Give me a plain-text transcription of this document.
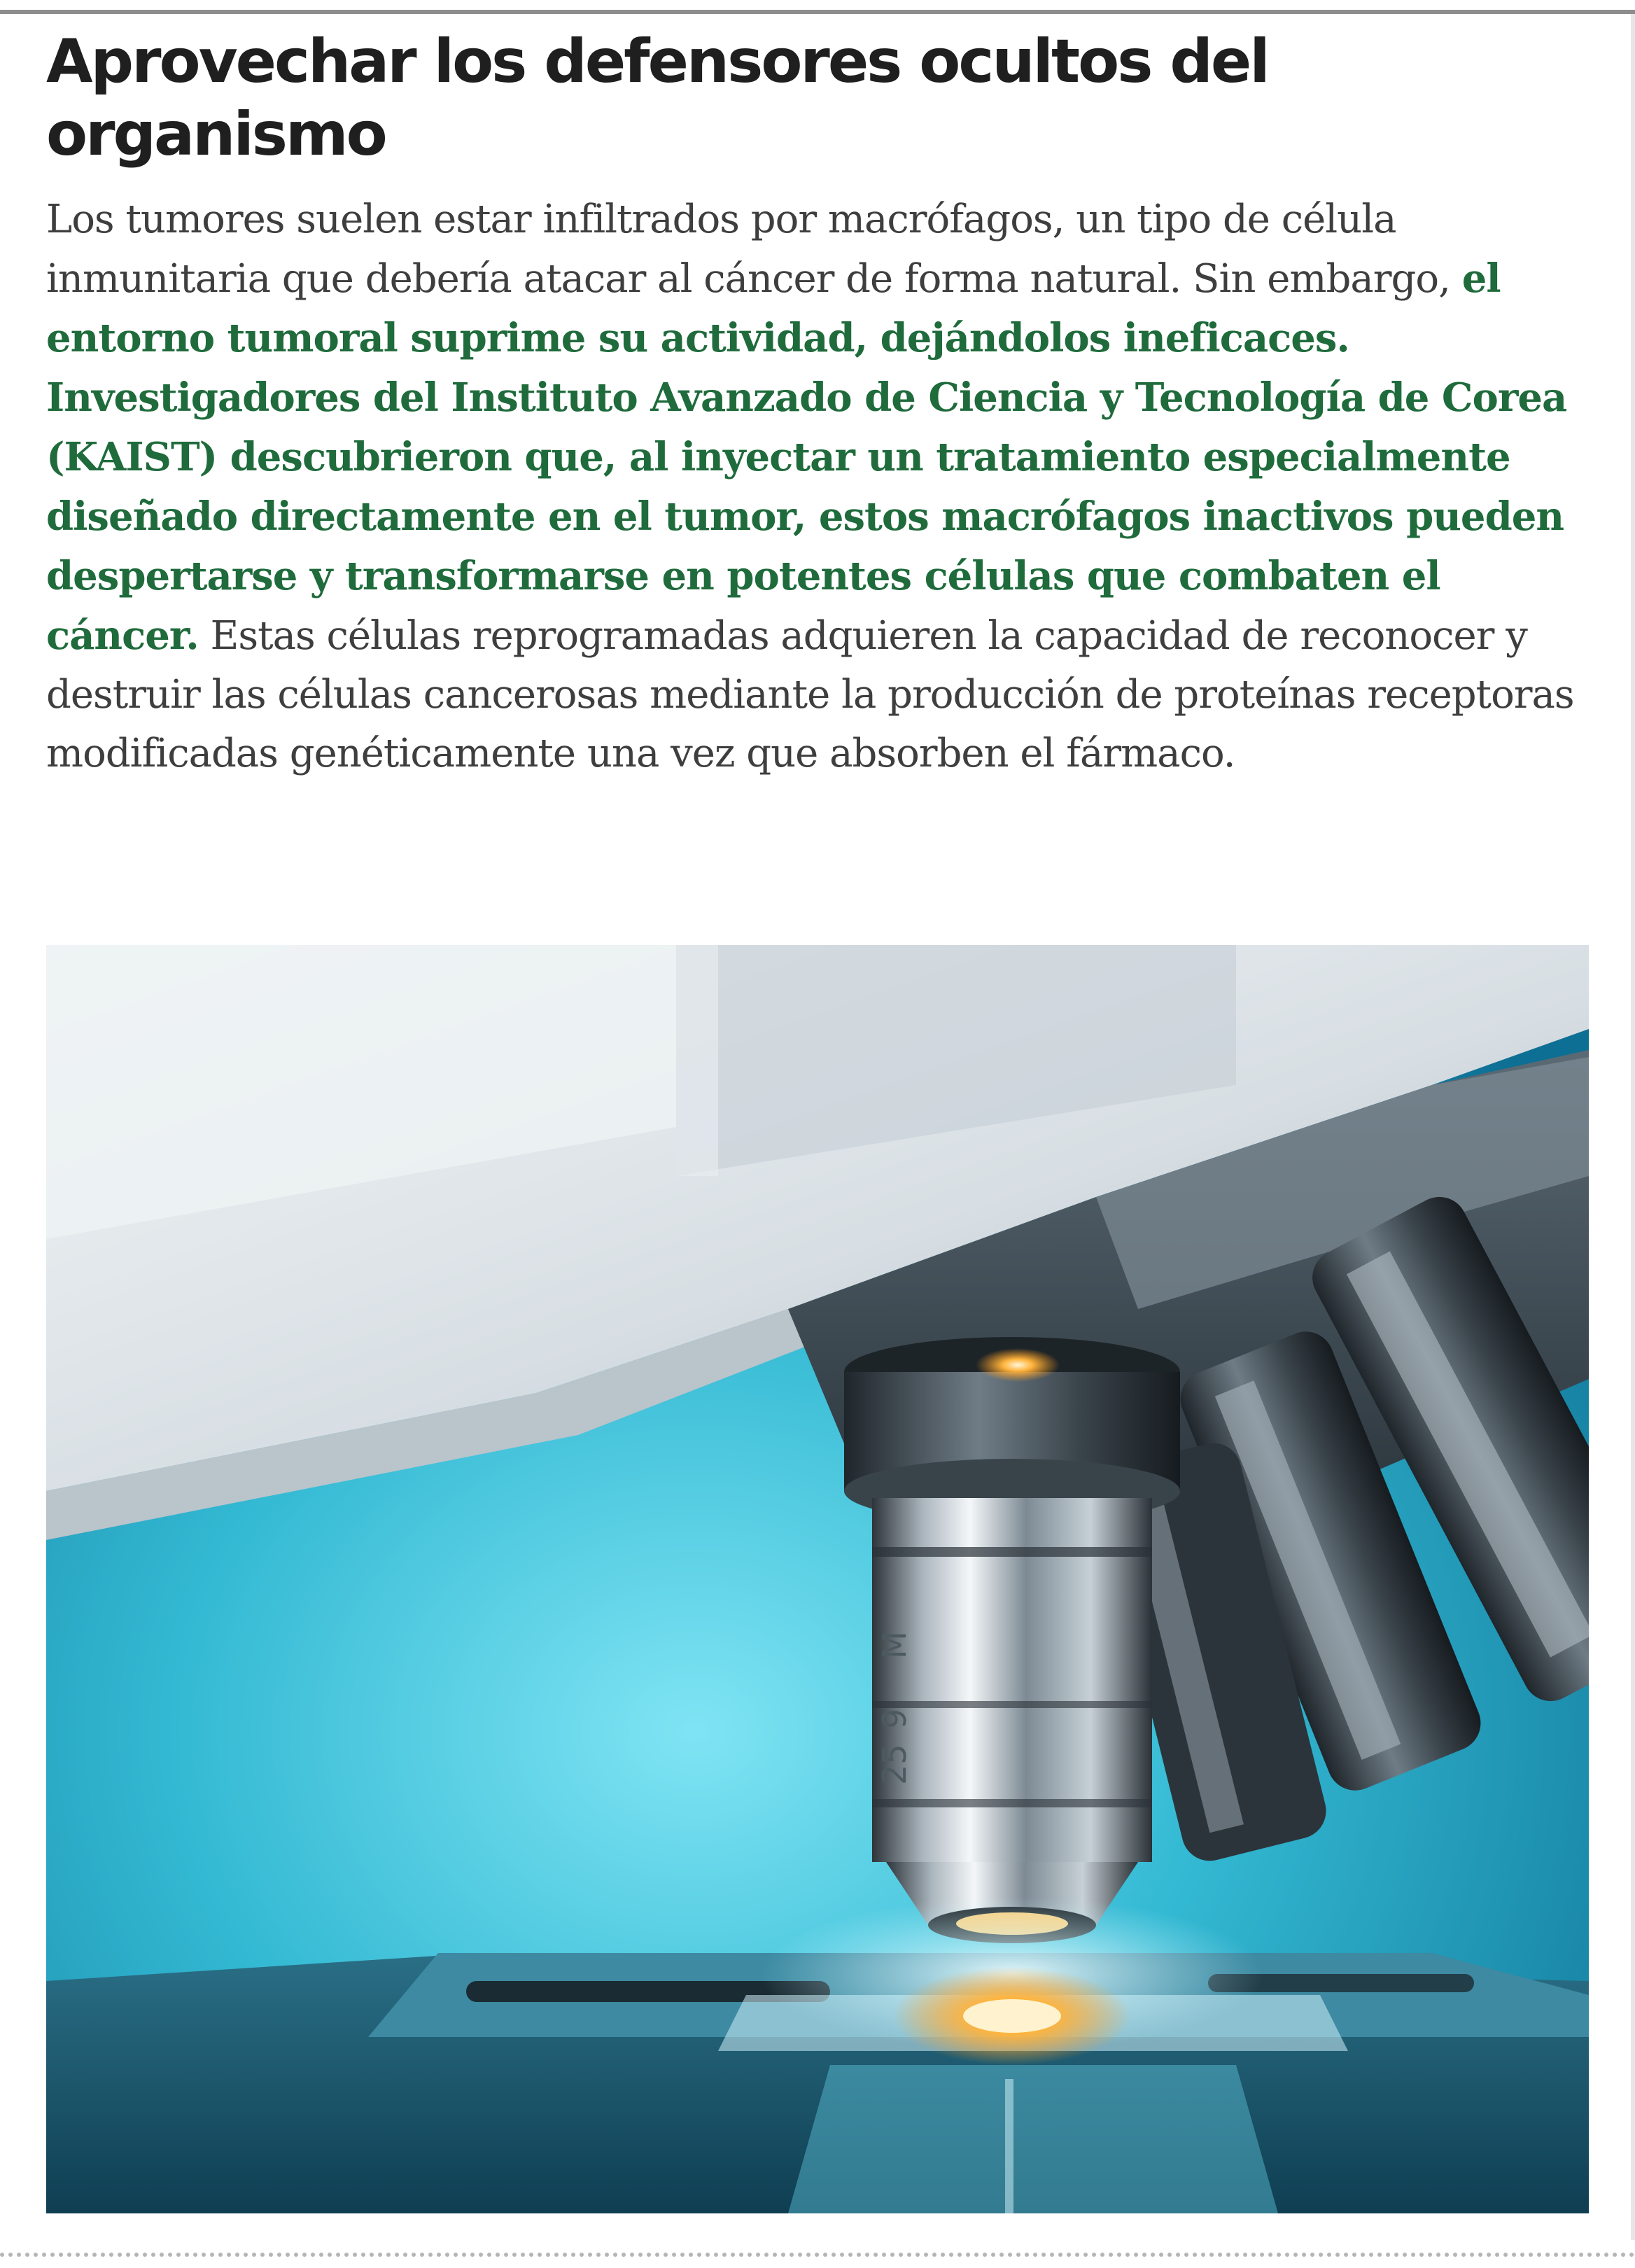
Aprovechar los defensores ocultos del organismo

Los tumores suelen estar infiltrados por macrófagos, un tipo de célula inmunitaria que debería atacar al cáncer de forma natural. Sin embargo, el entorno tumoral suprime su actividad, dejándolos ineficaces. Investigadores del Instituto Avanzado de Ciencia y Tecnología de Corea (KAIST) descubrieron que, al inyectar un tratamiento especialmente diseñado directamente en el tumor, estos macrófagos inactivos pueden despertarse y transformarse en potentes células que combaten el cáncer. Estas células reprogramadas adquieren la capacidad de reconocer y destruir las células cancerosas mediante la producción de proteínas receptoras modificadas genéticamente una vez que absorben el fármaco.

M
9
25
